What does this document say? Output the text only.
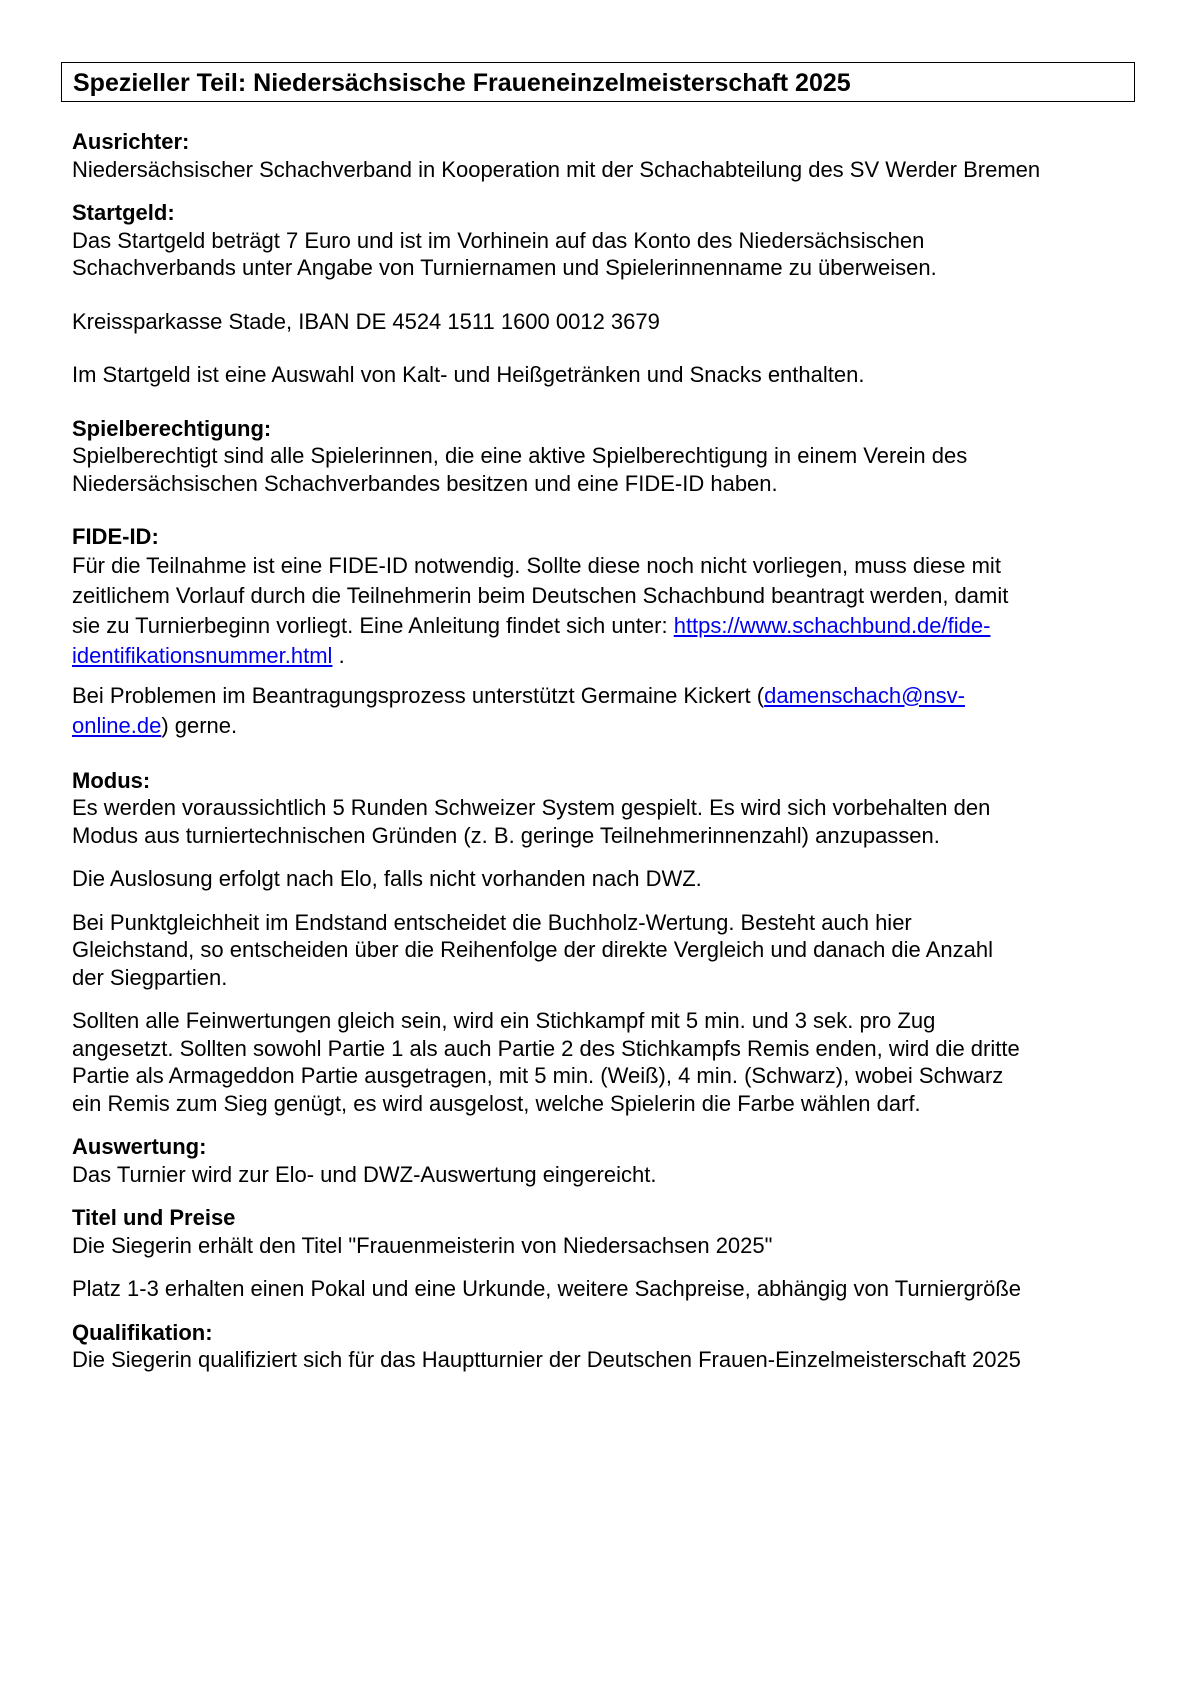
Spezieller Teil: Niedersächsische Fraueneinzelmeisterschaft 2025

Ausrichter:

Niedersächsischer Schachverband in Kooperation mit der Schachabteilung des SV Werder Bremen

Startgeld:

Das Startgeld beträgt 7 Euro und ist im Vorhinein auf das Konto des Niedersächsischen

Schachverbands unter Angabe von Turniernamen und Spielerinnenname zu überweisen.

Kreissparkasse Stade, IBAN DE 4524 1511 1600 0012 3679

Im Startgeld ist eine Auswahl von Kalt- und Heißgetränken und Snacks enthalten.

Spielberechtigung:

Spielberechtigt sind alle Spielerinnen, die eine aktive Spielberechtigung in einem Verein des

Niedersächsischen Schachverbandes besitzen und eine FIDE-ID haben.

FIDE-ID:

Für die Teilnahme ist eine FIDE-ID notwendig. Sollte diese noch nicht vorliegen, muss diese mit

zeitlichem Vorlauf durch die Teilnehmerin beim Deutschen Schachbund beantragt werden, damit

sie zu Turnierbeginn vorliegt. Eine Anleitung findet sich unter: https://www.schachbund.de/fide-

identifikationsnummer.html .

Bei Problemen im Beantragungsprozess unterstützt Germaine Kickert (damenschach@nsv-

online.de) gerne.

Modus:

Es werden voraussichtlich 5 Runden Schweizer System gespielt. Es wird sich vorbehalten den

Modus aus turniertechnischen Gründen (z. B. geringe Teilnehmerinnenzahl) anzupassen.

Die Auslosung erfolgt nach Elo, falls nicht vorhanden nach DWZ.

Bei Punktgleichheit im Endstand entscheidet die Buchholz-Wertung. Besteht auch hier

Gleichstand, so entscheiden über die Reihenfolge der direkte Vergleich und danach die Anzahl

der Siegpartien.

Sollten alle Feinwertungen gleich sein, wird ein Stichkampf mit 5 min. und 3 sek. pro Zug

angesetzt. Sollten sowohl Partie 1 als auch Partie 2 des Stichkampfs Remis enden, wird die dritte

Partie als Armageddon Partie ausgetragen, mit 5 min. (Weiß), 4 min. (Schwarz), wobei Schwarz

ein Remis zum Sieg genügt, es wird ausgelost, welche Spielerin die Farbe wählen darf.

Auswertung:

Das Turnier wird zur Elo- und DWZ-Auswertung eingereicht.

Titel und Preise

Die Siegerin erhält den Titel "Frauenmeisterin von Niedersachsen 2025"

Platz 1-3 erhalten einen Pokal und eine Urkunde, weitere Sachpreise, abhängig von Turniergröße

Qualifikation:

Die Siegerin qualifiziert sich für das Hauptturnier der Deutschen Frauen-Einzelmeisterschaft 2025
